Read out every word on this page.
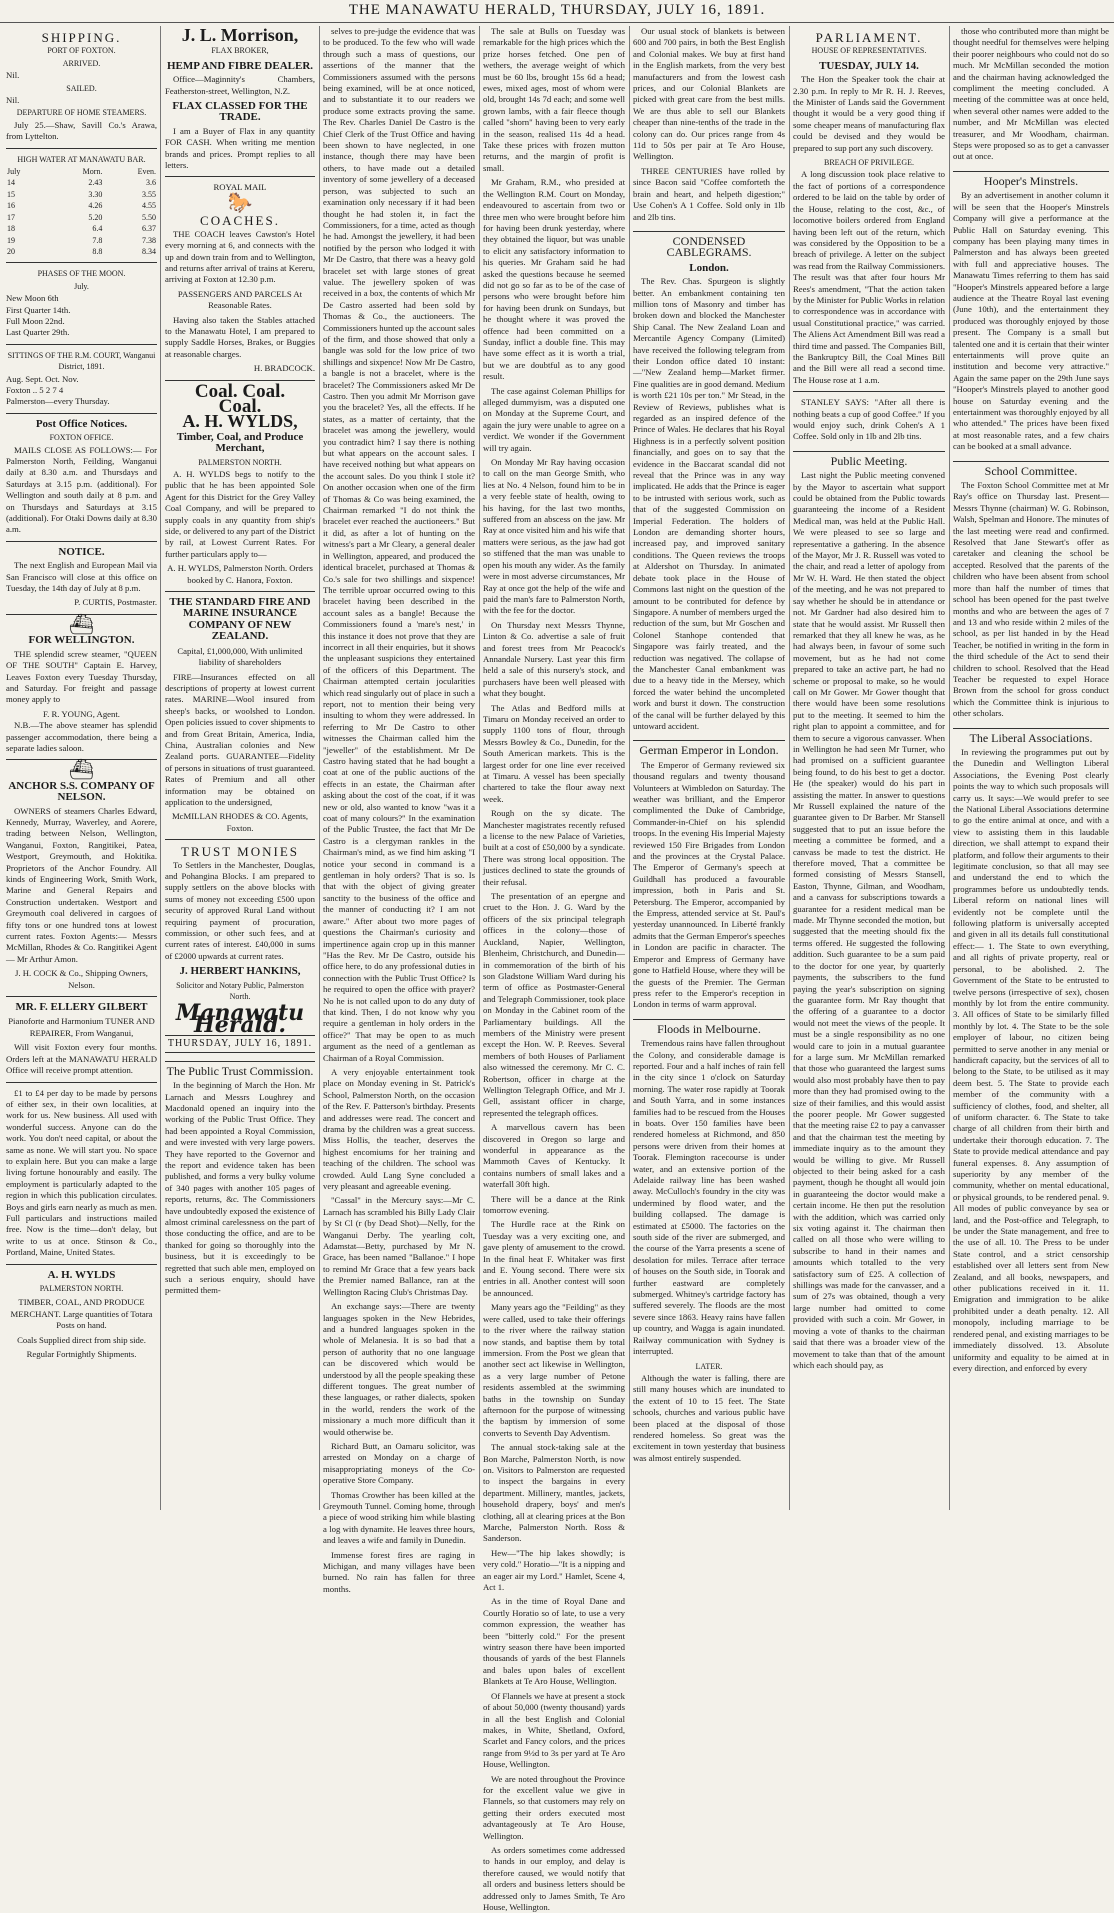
THE MANAWATU HERALD, THURSDAY, JULY 16, 1891.
SHIPPING.
PORT OF FOXTON.
ARRIVED.
Nil.
SAILED.
Nil.
DEPARTURE OF HOME STEAMERS.

July 25.—Shaw, Savill Co.'s Arawa, from Lyttelton.

HIGH WATER AT MANAWATU BAR.
July	Morn.	Even.
14	2.43	3.6
15	3.30	3.55
16	4.26	4.55
17	5.20	5.50
18	6.4	6.37
19	7.8	7.38
20	8.8	8.34
PHASES OF THE MOON.
July.
New Moon 6th
First Quarter 14th.
Full Moon 22nd.
Last Quarter 29th.
SITTINGS OF THE R.M. COURT, Wanganui District, 1891.
Aug. Sept. Oct. Nov.
Foxton .. 5 2 7 4
Palmerston—every Thursday.
Post Office Notices.
FOXTON OFFICE.

MAILS CLOSE AS FOLLOWS:— For Palmerston North, Feilding, Wanganui daily at 8.30 a.m. and Thursdays and Saturdays at 3.15 p.m. (additional). For Wellington and south daily at 8 p.m. and on Thursdays and Saturdays at 3.15 (additional). For Otaki Downs daily at 8.30 a.m.

NOTICE.

The next English and European Mail via San Francisco will close at this office on Tuesday, the 14th day of July at 8 p.m.

P. CURTIS, Postmaster.
⛴
FOR WELLINGTON.

THE splendid screw steamer, "QUEEN OF THE SOUTH" Captain E. Harvey, Leaves Foxton every Tuesday Thursday, and Saturday. For freight and passage money apply to

F. R. YOUNG, Agent.

N.B.—The above steamer has splendid passenger accommodation, there being a separate ladies saloon.

⛴
ANCHOR S.S. COMPANY OF NELSON.

OWNERS of steamers Charles Edward, Kennedy, Murray, Waverley, and Aorere, trading between Nelson, Wellington, Wanganui, Foxton, Rangitikei, Patea, Westport, Greymouth, and Hokitika. Proprietors of the Anchor Foundry. All kinds of Engineering Work, Smith Work, Marine and General Repairs and Construction undertaken. Westport and Greymouth coal delivered in cargoes of fifty tons or one hundred tons at lowest current rates. Foxton Agents:— Messrs McMillan, Rhodes & Co. Rangitikei Agent— Mr Arthur Amon.

J. H. COCK & Co., Shipping Owners, Nelson.
MR. F. ELLERY GILBERT
Pianoforte and Harmonium TUNER AND REPAIRER, From Wanganui,

Will visit Foxton every four months. Orders left at the MANAWATU HERALD Office will receive prompt attention.

£1 to £4 per day to be made by persons of either sex, in their own localities, at work for us. New business. All used with wonderful success. Anyone can do the work. You don't need capital, or about the same as none. We will start you. No space to explain here. But you can make a large living fortune honourably and easily. The employment is particularly adapted to the region in which this publication circulates. Boys and girls earn nearly as much as men. Full particulars and instructions mailed free. Now is the time—don't delay, but write to us at once. Stinson & Co., Portland, Maine, United States.

A. H. WYLDS
PALMERSTON NORTH.
TIMBER, COAL, AND PRODUCE MERCHANT. Large quantities of Totara Posts on hand.
Coals Supplied direct from ship side.
Regular Fortnightly Shipments.
J. L. Morrison,
FLAX BROKER,
HEMP AND FIBRE DEALER.

Office—Maginnity's Chambers, Featherston-street, Wellington, N.Z.

FLAX CLASSED FOR THE TRADE.

I am a Buyer of Flax in any quantity FOR CASH. When writing me mention brands and prices. Prompt replies to all letters.

ROYAL MAIL
🐎
COACHES.

THE COACH leaves Cawston's Hotel every morning at 6, and connects with the up and down train from and to Wellington, and returns after arrival of trains at Kereru, arriving at Foxton at 12.30 p.m.

PASSENGERS AND PARCELS At Reasonable Rates.

Having also taken the Stables attached to the Manawatu Hotel, I am prepared to supply Saddle Horses, Brakes, or Buggies at reasonable charges.

H. BRADCOCK.
Coal. Coal.
Coal.
A. H. WYLDS,
Timber, Coal, and Produce Merchant,
PALMERSTON NORTH.

A. H. WYLDS begs to notify to the public that he has been appointed Sole Agent for this District for the Grey Valley Coal Company, and will be prepared to supply coals in any quantity from ship's side, or delivered to any part of the District by rail, at Lowest Current Rates. For further particulars apply to—

A. H. WYLDS, Palmerston North. Orders booked by C. Hanora, Foxton.
THE STANDARD FIRE AND MARINE INSURANCE COMPANY OF NEW ZEALAND.
Capital, £1,000,000, With unlimited liability of shareholders

FIRE—Insurances effected on all descriptions of property at lowest current rates. MARINE—Wool insured from sheep's backs, or woolshed to London. Open policies issued to cover shipments to and from Great Britain, America, India, China, Australian colonies and New Zealand ports. GUARANTEE—Fidelity of persons in situations of trust guaranteed. Rates of Premium and all other information may be obtained on application to the undersigned,

McMILLAN RHODES & CO. Agents, Foxton.
TRUST MONIES

To Settlers in the Manchester, Douglas, and Pohangina Blocks. I am prepared to supply settlers on the above blocks with sums of money not exceeding £500 upon security of approved Rural Land without requiring payment of procuration, commission, or other such fees, and at current rates of interest. £40,000 in sums of £2000 upwards at current rates.

J. HERBERT HANKINS,
Solicitor and Notary Public, Palmerston North.
Manawatu Herald.
THURSDAY, JULY 16, 1891.
The Public Trust Commission.

In the beginning of March the Hon. Mr Larnach and Messrs Loughrey and Macdonald opened an inquiry into the working of the Public Trust Office. They had been appointed a Royal Commission, and were invested with very large powers. They have reported to the Governor and the report and evidence taken has been published, and forms a very bulky volume of 340 pages with another 105 pages of reports, returns, &c. The Commissioners have undoubtedly exposed the existence of almost criminal carelessness on the part of those conducting the office, and are to be thanked for going so thoroughly into the business, but it is exceedingly to be regretted that such able men, employed on such a serious enquiry, should have permitted them-

selves to pre-judge the evidence that was to be produced. To the few who will wade through such a mass of questions, our assertions of the manner that the Commissioners assumed with the persons being examined, will be at once noticed, and to substantiate it to our readers we produce some extracts proving the same. The Rev. Charles Daniel De Castro is the Chief Clerk of the Trust Office and having been shown to have neglected, in one instance, though there may have been others, to have made out a detailed inventory of some jewellery of a deceased person, was subjected to such an examination only necessary if it had been thought he had stolen it, in fact the Commissioners, for a time, acted as though he had. Amongst the jewellery, it had been notified by the person who lodged it with Mr De Castro, that there was a heavy gold bracelet set with large stones of great value. The jewellery spoken of was received in a box, the contents of which Mr De Castro asserted had been sold by Thomas & Co., the auctioneers. The Commissioners hunted up the account sales of the firm, and those showed that only a bangle was sold for the low price of two shillings and sixpence! Now Mr De Castro, a bangle is not a bracelet, where is the bracelet? The Commissioners asked Mr De Castro. Then you admit Mr Morrison gave you the bracelet? Yes, all the effects. If he states, as a matter of certainty, that the bracelet was among the jewellery, would you contradict him? I say there is nothing but what appears on the account sales. I have received nothing but what appears on the account sales. Do you think I stole it? On another occasion when one of the firm of Thomas & Co was being examined, the Chairman remarked "I do not think the bracelet ever reached the auctioneers." But it did, as after a lot of hunting on the witness's part a Mr Cleary, a general dealer in Wellington, appeared, and produced the identical bracelet, purchased at Thomas & Co.'s sale for two shillings and sixpence! The terrible uproar occurred owing to this bracelet having been described in the account sales as a bangle! Because the Commissioners found a 'mare's nest,' in this instance it does not prove that they are incorrect in all their enquiries, but it shows the unpleasant suspicions they entertained of the officers of this Department. The Chairman attempted certain jocularities which read singularly out of place in such a report, not to mention their being very insulting to whom they were addressed. In referring to Mr De Castro to other witnesses the Chairman called him the "jeweller" of the establishment. Mr De Castro having stated that he had bought a coat at one of the public auctions of the effects in an estate, the Chairman after asking about the cost of the coat, if it was new or old, also wanted to know "was it a coat of many colours?" In the examination of the Public Trustee, the fact that Mr De Castro is a clergyman rankles in the Chairman's mind, as we find him asking "I notice your second in command is a gentleman in holy orders? That is so. Is that with the object of giving greater sanctity to the business of the office and the manner of conducting it? I am not aware." After about two more pages of questions the Chairman's curiosity and impertinence again crop up in this manner "Has the Rev. Mr De Castro, outside his office here, to do any professional duties in connection with the Public Trust Office? Is he required to open the office with prayer? No he is not called upon to do any duty of that kind. Then, I do not know why you require a gentleman in holy orders in the office?" That may be open to as much argument as the need of a gentleman as Chairman of a Royal Commission.

A very enjoyable entertainment took place on Monday evening in St. Patrick's School, Palmerston North, on the occasion of the Rev. F. Patterson's birthday. Presents and addresses were read. The concert and drama by the children was a great success. Miss Hollis, the teacher, deserves the highest encomiums for her training and teaching of the children. The school was crowded. Auld Lang Syne concluded a very pleasant and agreeable evening.

"Cassal" in the Mercury says:—Mr C. Larnach has scrambled his Billy Lady Clair by St Cl (r (by Dead Shot)—Nelly, for the Wanganui Derby. The yearling colt, Adamstat—Betty, purchased by Mr N. Grace, has been named "Ballanoe." I hope to remind Mr Grace that a few years back the Premier named Ballance, ran at the Wellington Racing Club's Christmas Day.

An exchange says:—There are twenty languages spoken in the New Hebrides, and a hundred languages spoken in the whole of Melanesia. It is so bad that a person of authority that no one language can be discovered which would be understood by all the people speaking these different tongues. The great number of these languages, or rather dialects, spoken in the world, renders the work of the missionary a much more difficult than it would otherwise be.

Richard Butt, an Oamaru solicitor, was arrested on Monday on a charge of misappropriating moneys of the Co-operative Store Company.

Thomas Crowther has been killed at the Greymouth Tunnel. Coming home, through a piece of wood striking him while blasting a log with dynamite. He leaves three hours, and leaves a wife and family in Dunedin.

Immense forest fires are raging in Michigan, and many villages have been burned. No rain has fallen for three months.

The sale at Bulls on Tuesday was remarkable for the high prices which the prize horses fetched. One pen of wethers, the average weight of which must be 60 lbs, brought 15s 6d a head; ewes, mixed ages, most of whom were old, brought 14s 7d each; and some well grown lambs, with a fair fleece though called "shorn" having been to very early in the season, realised 11s 4d a head. Take these prices with frozen mutton returns, and the margin of profit is small.

Mr Graham, R.M., who presided at the Wellington R.M. Court on Monday, endeavoured to ascertain from two or three men who were brought before him for having been drunk yesterday, where they obtained the liquor, but was unable to elicit any satisfactory information to his queries. Mr Graham said he had asked the questions because he seemed did not go so far as to be of the case of persons who were brought before him for having been drunk on Sundays, but he thought where it was proved the offence had been committed on a Sunday, inflict a double fine. This may have some effect as it is worth a trial, but we are doubtful as to any good result.

The case against Coleman Phillips for alleged dummyism, was a disputed one on Monday at the Supreme Court, and again the jury were unable to agree on a verdict. We wonder if the Government will try again.

On Monday Mr Ray having occasion to call on the man George Smith, who lies at No. 4 Nelson, found him to be in a very feeble state of health, owing to his having, for the last two months, suffered from an abscess on the jaw. Mr Ray at once visited him and his wife that matters were serious, as the jaw had got so stiffened that the man was unable to open his mouth any wider. As the family were in most adverse circumstances, Mr Ray at once got the help of the wife and paid the man's fare to Palmerston North, with the fee for the doctor.

On Thursday next Messrs Thynne, Linton & Co. advertise a sale of fruit and forest trees from Mr Peacock's Annandale Nursery. Last year this firm held a sale of this nursery's stock, and purchasers have been well pleased with what they bought.

The Atlas and Bedford mills at Timaru on Monday received an order to supply 1100 tons of flour, through Messrs Bowley & Co., Dunedin, for the South American markets. This is the largest order for one line ever received at Timaru. A vessel has been specially chartered to take the flour away next week.

Rough on the sy dicate. The Manchester magistrates recently refused a license to the new Palace of Varieties, built at a cost of £50,000 by a syndicate. There was strong local opposition. The justices declined to state the grounds of their refusal.

The presentation of an epergne and cruet to the Hon. J. G. Ward by the officers of the six principal telegraph offices in the colony—those of Auckland, Napier, Wellington, Blenheim, Christchurch, and Dunedin—in commemoration of the birth of his son Gladstone William Ward during his term of office as Postmaster-General and Telegraph Commissioner, took place on Monday in the Cabinet room of the Parliamentary buildings. All the members of the Ministry were present except the Hon. W. P. Reeves. Several members of both Houses of Parliament also witnessed the ceremony. Mr C. C. Robertson, officer in charge at the Wellington Telegraph Office, and Mr J. Gell, assistant officer in charge, represented the telegraph offices.

A marvellous cavern has been discovered in Oregon so large and wonderful in appearance as the Mammoth Caves of Kentucky. It contains numbers of small lakes and a waterfall 30ft high.

There will be a dance at the Rink tomorrow evening.

The Hurdle race at the Rink on Tuesday was a very exciting one, and gave plenty of amusement to the crowd. In the final heat F. Whitaker was first and E. Young second. There were six entries in all. Another contest will soon be announced.

Many years ago the "Feilding" as they were called, used to take their offerings to the river where the railway station now stands, and baptise them by total immersion. From the Post we glean that another sect act likewise in Wellington, as a very large number of Petone residents assembled at the swimming baths in the township on Sunday afternoon for the purpose of witnessing the baptism by immersion of some converts to Seventh Day Adventism.

The annual stock-taking sale at the Bon Marche, Palmerston North, is now on. Visitors to Palmerston are requested to inspect the bargains in every department. Millinery, mantles, jackets, household drapery, boys' and men's clothing, all at clearing prices at the Bon Marche, Palmerston North. Ross & Sanderson.

Hew—"The hip lakes showdly; is very cold." Horatio—"It is a nipping and an eager air my Lord." Hamlet, Scene 4, Act 1.

As in the time of Royal Dane and Courtly Horatio so of late, to use a very common expression, the weather has been "bitterly cold." For the present wintry season there have been imported thousands of yards of the best Flannels and bales upon bales of excellent Blankets at Te Aro House, Wellington.

Of Flannels we have at present a stock of about 50,000 (twenty thousand) yards in all the best English and Colonial makes, in White, Shetland, Oxford, Scarlet and Fancy colors, and the prices range from 9½d to 3s per yard at Te Aro House, Wellington.

We are noted throughout the Province for the excellent value we give in Flannels, so that customers may rely on getting their orders executed most advantageously at Te Aro House, Wellington.

As orders sometimes come addressed to hands in our employ, and delay is therefore caused, we would notify that all orders and business letters should be addressed only to James Smith, Te Aro House, Wellington.

Our usual stock of blankets is between 600 and 700 pairs, in both the Best English and Colonial makes. We buy at first hand in the English markets, from the very best manufacturers and from the lowest cash prices, and our Colonial Blankets are picked with great care from the best mills. We are thus able to sell our Blankets cheaper than nine-tenths of the trade in the colony can do. Our prices range from 4s 11d to 50s per pair at Te Aro House, Wellington.

THREE CENTURIES have rolled by since Bacon said "Coffee comforteth the brain and heart, and helpeth digestion;" Use Cohen's A 1 Coffee. Sold only in 1lb and 2lb tins.

CONDENSED CABLEGRAMS.
London.

The Rev. Chas. Spurgeon is slightly better. An embankment containing ten million tons of Masonry and timber has broken down and blocked the Manchester Ship Canal. The New Zealand Loan and Mercantile Agency Company (Limited) have received the following telegram from their London office dated 10 instant:—"New Zealand hemp—Market firmer. Fine qualities are in good demand. Medium is worth £21 10s per ton." Mr Stead, in the Review of Reviews, publishes what is regarded as an inspired defence of the Prince of Wales. He declares that his Royal Highness is in a perfectly solvent position financially, and goes on to say that the evidence in the Baccarat scandal did not reveal that the Prince was in any way implicated. He adds that the Prince is eager to be intrusted with serious work, such as that of the suggested Commission on Imperial Federation. The holders of London are demanding shorter hours, increased pay, and improved sanitary conditions. The Queen reviews the troops at Aldershot on Thursday. In animated debate took place in the House of Commons last night on the question of the amount to be contributed for defence by Singapore. A number of members urged the reduction of the sum, but Mr Goschen and Colonel Stanhope contended that Singapore was fairly treated, and the reduction was negatived. The collapse of the Manchester Canal embankment was due to a heavy tide in the Mersey, which forced the water behind the uncompleted work and burst it down. The construction of the canal will be further delayed by this untoward accident.

German Emperor in London.

The Emperor of Germany reviewed six thousand regulars and twenty thousand Volunteers at Wimbledon on Saturday. The weather was brilliant, and the Emperor complimented the Duke of Cambridge, Commander-in-Chief on his splendid troops. In the evening His Imperial Majesty reviewed 150 Fire Brigades from London and the provinces at the Crystal Palace. The Emperor of Germany's speech at Guildhall has produced a favourable impression, both in Paris and St. Petersburg. The Emperor, accompanied by the Empress, attended service at St. Paul's yesterday unannounced. In Liberté frankly admits that the German Emperor's speeches in London are pacific in character. The Emperor and Empress of Germany have gone to Hatfield House, where they will be the guests of the Premier. The German press refer to the Emperor's reception in London in terms of warm approval.

Floods in Melbourne.

Tremendous rains have fallen throughout the Colony, and considerable damage is reported. Four and a half inches of rain fell in the city since 1 o'clock on Saturday morning. The water rose rapidly at Toorak and South Yarra, and in some instances families had to be rescued from the Houses in boats. Over 150 families have been rendered homeless at Richmond, and 850 persons were driven from their homes at Toorak. Flemington racecourse is under water, and an extensive portion of the Adelaide railway line has been washed away. McCulloch's foundry in the city was undermined by flood water, and the building collapsed. The damage is estimated at £5000. The factories on the south side of the river are submerged, and the course of the Yarra presents a scene of desolation for miles. Terrace after terrace of houses on the South side, in Toorak and further eastward are completely submerged. Whitney's cartridge factory has suffered severely. The floods are the most severe since 1863. Heavy rains have fallen up country, and Wagga is again inundated. Railway communication with Sydney is interrupted.

LATER.

Although the water is falling, there are still many houses which are inundated to the extent of 10 to 15 feet. The State schools, churches and various public have been placed at the disposal of those rendered homeless. So great was the excitement in town yesterday that business was almost entirely suspended.

PARLIAMENT.
HOUSE OF REPRESENTATIVES.
TUESDAY, JULY 14.

The Hon the Speaker took the chair at 2.30 p.m. In reply to Mr R. H. J. Reeves, the Minister of Lands said the Government thought it would be a very good thing if some cheaper means of manufacturing flax could be devised and they would be prepared to sup port any such discovery.

BREACH OF PRIVILEGE.

A long discussion took place relative to the fact of portions of a correspondence ordered to be laid on the table by order of the House, relating to the cost, &c., of locomotive boilers ordered from England having been left out of the return, which was considered by the Opposition to be a breach of privilege. A letter on the subject was read from the Railway Commissioners. The result was that after four hours Mr Rees's amendment, "That the action taken by the Minister for Public Works in relation to correspondence was in accordance with usual Constitutional practice," was carried. The Aliens Act Amendment Bill was read a third time and passed. The Companies Bill, the Bankruptcy Bill, the Coal Mines Bill and the Bill were all read a second time. The House rose at 1 a.m.

STANLEY SAYS: "After all there is nothing beats a cup of good Coffee." If you would enjoy such, drink Cohen's A 1 Coffee. Sold only in 1lb and 2lb tins.

Public Meeting.

Last night the Public meeting convened by the Mayor to ascertain what support could be obtained from the Public towards guaranteeing the income of a Resident Medical man, was held at the Public Hall. We were pleased to see so large and representative a gathering. In the absence of the Mayor, Mr J. R. Russell was voted to the chair, and read a letter of apology from Mr W. H. Ward. He then stated the object of the meeting, and he was not prepared to say whether he should be in attendance or not. Mr Gardner had also desired him to state that he would assist. Mr Russell then remarked that they all knew he was, as he had always been, in favour of some such movement, but as he had not come prepared to take an active part, he had no scheme or proposal to make, so he would call on Mr Gower. Mr Gower thought that there would have been some resolutions put to the meeting. It seemed to him the right plan to appoint a committee, and for them to secure a vigorous canvasser. When in Wellington he had seen Mr Turner, who had promised on a sufficient guarantee being found, to do his best to get a doctor. He (the speaker) would do his part in assisting the matter. In answer to questions Mr Russell explained the nature of the guarantee given to Dr Barber. Mr Stansell suggested that to put an issue before the meeting a committee be formed, and a canvass be made to test the district. He therefore moved, That a committee be formed consisting of Messrs Stansell, Easton, Thynne, Gilman, and Woodham, and a canvass for subscriptions towards a guarantee for a resident medical man be made. Mr Thynne seconded the motion, but suggested that the meeting should fix the terms offered. He suggested the following addition. Such guarantee to be a sum paid to the doctor for one year, by quarterly payments, the subscribers to the fund paying the year's subscription on signing the guarantee form. Mr Ray thought that the offering of a guarantee to a doctor would not meet the views of the people. It must be a single responsibility as no one would care to join in a mutual guarantee for a large sum. Mr McMillan remarked that those who guaranteed the largest sums would also most probably have then to pay more than they had promised owing to the size of their families, and this would assist the poorer people. Mr Gower suggested that the meeting raise £2 to pay a canvasser and that the chairman test the meeting by immediate inquiry as to the amount they would be willing to give. Mr Russell objected to their being asked for a cash payment, though he thought all would join in guaranteeing the doctor would make a certain income. He then put the resolution with the addition, which was carried only six voting against it. The chairman then called on all those who were willing to subscribe to hand in their names and amounts which totalled to the very satisfactory sum of £25. A collection of shillings was made for the canvasser, and a sum of 27s was obtained, though a very large number had omitted to come provided with such a coin. Mr Gower, in moving a vote of thanks to the chairman said that there was a broader view of the movement to take than that of the amount which each should pay, as

those who contributed more than might be thought needful for themselves were helping their poorer neighbours who could not do so much. Mr McMillan seconded the motion and the chairman having acknowledged the compliment the meeting concluded. A meeting of the committee was at once held, when several other names were added to the number, and Mr McMillan was elected treasurer, and Mr Woodham, chairman. Steps were proposed so as to get a canvasser out at once.

Hooper's Minstrels.

By an advertisement in another column it will be seen that the Hooper's Minstrels Company will give a performance at the Public Hall on Saturday evening. This company has been playing many times in Palmerston and has always been greeted with full and appreciative houses. The Manawatu Times referring to them has said "Hooper's Minstrels appeared before a large audience at the Theatre Royal last evening (June 10th), and the entertainment they produced was thoroughly enjoyed by those present. The Company is a small but talented one and it is certain that their winter entertainments will prove quite an institution and become very attractive." Again the same paper on the 29th June says "Hooper's Minstrels played to another good house on Saturday evening and the entertainment was thoroughly enjoyed by all who attended." The prices have been fixed at most reasonable rates, and a few chairs can be booked at a small advance.

School Committee.

The Foxton School Committee met at Mr Ray's office on Thursday last. Present—Messrs Thynne (chairman) W. G. Robinson, Walsh, Spelman and Honore. The minutes of the last meeting were read and confirmed. Resolved that Jane Stewart's offer as caretaker and cleaning the school be accepted. Resolved that the parents of the children who have been absent from school more than half the number of times that school has been opened for the past twelve months and who are between the ages of 7 and 13 and who reside within 2 miles of the school, as per list handed in by the Head Teacher, be notified in writing in the form in the third schedule of the Act to send their children to school. Resolved that the Head Teacher be requested to expel Horace Brown from the school for gross conduct which the Committee think is injurious to other scholars.

The Liberal Associations.

In reviewing the programmes put out by the Dunedin and Wellington Liberal Associations, the Evening Post clearly points the way to which such proposals will carry us. It says:—We would prefer to see the National Liberal Associations determine to go the entire animal at once, and with a view to assisting them in this laudable direction, we shall attempt to expand their platform, and follow their arguments to their legitimate conclusion, so that all may see and understand the end to which the programmes before us undoubtedly tends. Liberal reform on national lines will evidently not be complete until the following platform is universally accepted and given in all its details full constitutional effect:— 1. The State to own everything, and all rights of private property, real or personal, to be abolished. 2. The Government of the State to be entrusted to twelve persons (irrespective of sex), chosen monthly by lot from the entire community. 3. All offices of State to be similarly filled monthly by lot. 4. The State to be the sole employer of labour, no citizen being permitted to serve another in any menial or handicraft capacity, but the services of all to belong to the State, to be utilised as it may deem best. 5. The State to provide each member of the community with a sufficiency of clothes, food, and shelter, all of uniform character. 6. The State to take charge of all children from their birth and undertake their thorough education. 7. The State to provide medical attendance and pay funeral expenses. 8. Any assumption of superiority by any member of the community, whether on mental educational, or physical grounds, to be rendered penal. 9. All modes of public conveyance by sea or land, and the Post-office and Telegraph, to be under the State management, and free to the use of all. 10. The Press to be under State control, and a strict censorship established over all letters sent from New Zealand, and all books, newspapers, and other publications received in it. 11. Emigration and immigration to be alike prohibited under a death penalty. 12. All monopoly, including marriage to be rendered penal, and existing marriages to be immediately dissolved. 13. Absolute uniformity and equality to be aimed at in every direction, and enforced by every
